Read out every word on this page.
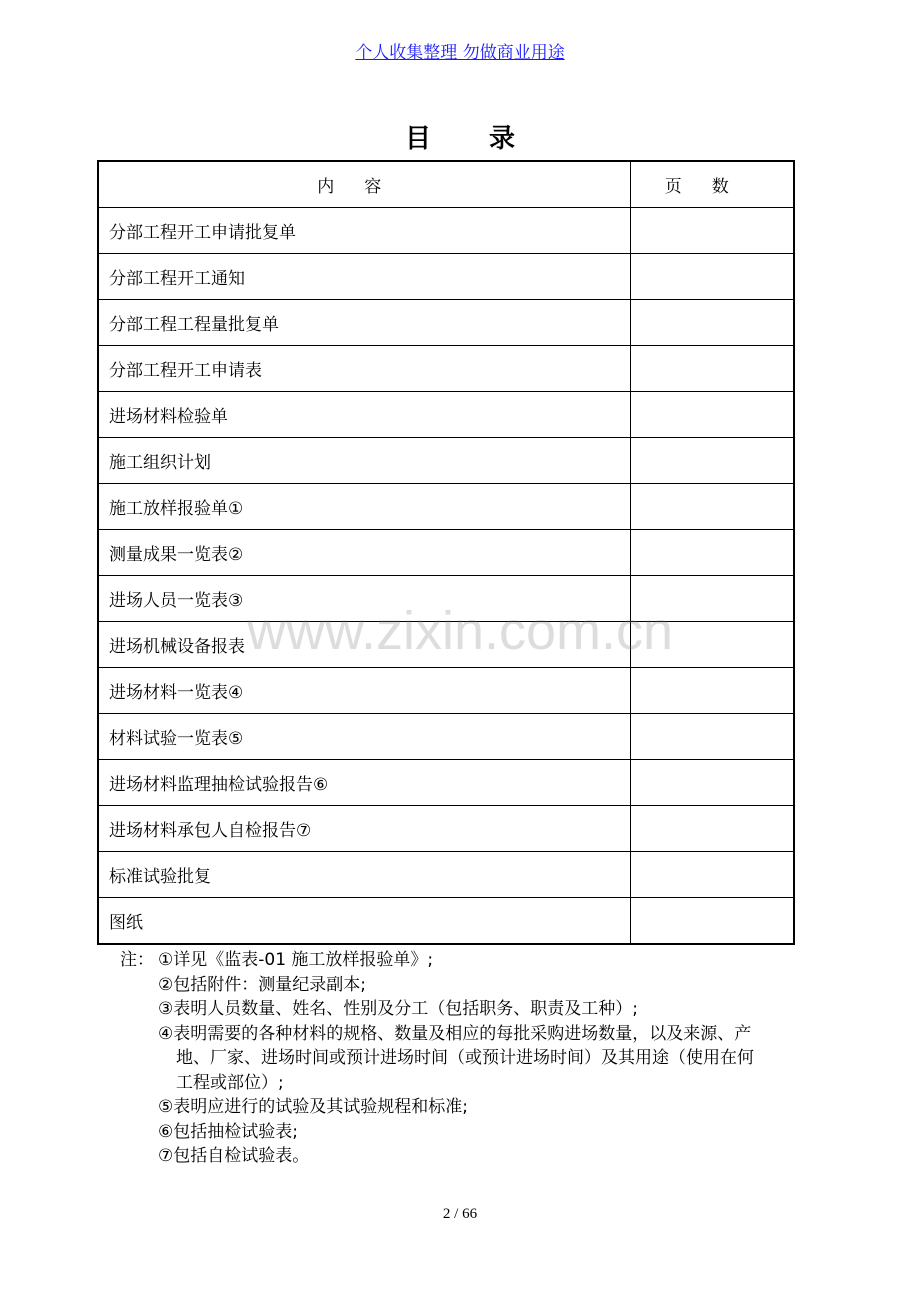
个人收集整理 勿做商业用途
目录
内容	页数
分部工程开工申请批复单	
分部工程开工通知	
分部工程工程量批复单	
分部工程开工申请表	
进场材料检验单	
施工组织计划	
施工放样报验单①	
测量成果一览表②	
进场人员一览表③	
进场机械设备报表	
进场材料一览表④	
材料试验一览表⑤	
进场材料监理抽检试验报告⑥	
进场材料承包人自检报告⑦	
标准试验批复	
图纸	
www.zixin.com.cn
注： ①详见《监表-01 施工放样报验单》;
②包括附件：测量纪录副本;
③表明人员数量、姓名、性别及分工（包括职务、职责及工种）;
④表明需要的各种材料的规格、数量及相应的每批采购进场数量，以及来源、产
地、厂家、进场时间或预计进场时间（或预计进场时间）及其用途（使用在何
工程或部位）;
⑤表明应进行的试验及其试验规程和标准;
⑥包括抽检试验表;
⑦包括自检试验表。
2 / 66
